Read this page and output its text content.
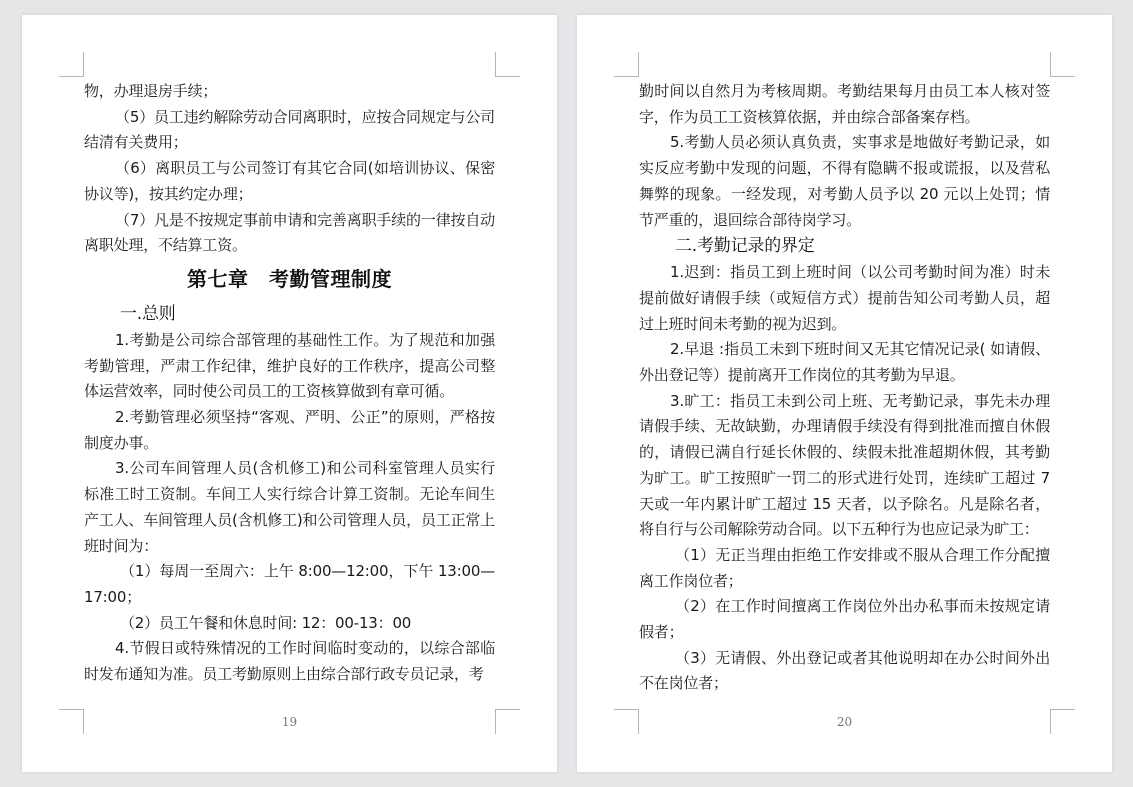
物，办理退房手续；

（5）员工违约解除劳动合同离职时，应按合同规定与公司结清有关费用；

（6）离职员工与公司签订有其它合同(如培训协议、保密协议等)，按其约定办理；

（7）凡是不按规定事前申请和完善离职手续的一律按自动离职处理，不结算工资。

第七章　考勤管理制度
一.总则

1.考勤是公司综合部管理的基础性工作。为了规范和加强考勤管理，严肃工作纪律，维护良好的工作秩序，提高公司整体运营效率，同时使公司员工的工资核算做到有章可循。

2.考勤管理必须坚持“客观、严明、公正”的原则，严格按制度办事。

3.公司车间管理人员(含机修工)和公司科室管理人员实行标准工时工资制。车间工人实行综合计算工资制。无论车间生产工人、车间管理人员(含机修工)和公司管理人员，员工正常上班时间为：

（1）每周一至周六：上午 8:00—12:00，下午 13:00—17:00；

（2）员工午餐和休息时间: 12：00-13：00

4.节假日或特殊情况的工作时间临时变动的，以综合部临时发布通知为准。员工考勤原则上由综合部行政专员记录，考

19

勤时间以自然月为考核周期。考勤结果每月由员工本人核对签字，作为员工工资核算依据，并由综合部备案存档。

5.考勤人员必须认真负责，实事求是地做好考勤记录，如实反应考勤中发现的问题，不得有隐瞒不报或谎报，以及营私舞弊的现象。一经发现，对考勤人员予以 20 元以上处罚；情节严重的，退回综合部待岗学习。

二.考勤记录的界定

1.迟到：指员工到上班时间（以公司考勤时间为准）时未提前做好请假手续（或短信方式）提前告知公司考勤人员，超过上班时间未考勤的视为迟到。

2.早退 :指员工未到下班时间又无其它情况记录( 如请假、外出登记等）提前离开工作岗位的其考勤为早退。

3.旷工：指员工未到公司上班、无考勤记录，事先未办理请假手续、无故缺勤，办理请假手续没有得到批准而擅自休假的，请假已满自行延长休假的、续假未批准超期休假，其考勤为旷工。旷工按照旷一罚二的形式进行处罚，连续旷工超过 7 天或一年内累计旷工超过 15 天者，以予除名。凡是除名者，将自行与公司解除劳动合同。以下五种行为也应记录为旷工：

（1）无正当理由拒绝工作安排或不服从合理工作分配擅离工作岗位者；

（2）在工作时间擅离工作岗位外出办私事而未按规定请假者；

（3）无请假、外出登记或者其他说明却在办公时间外出不在岗位者；

20
